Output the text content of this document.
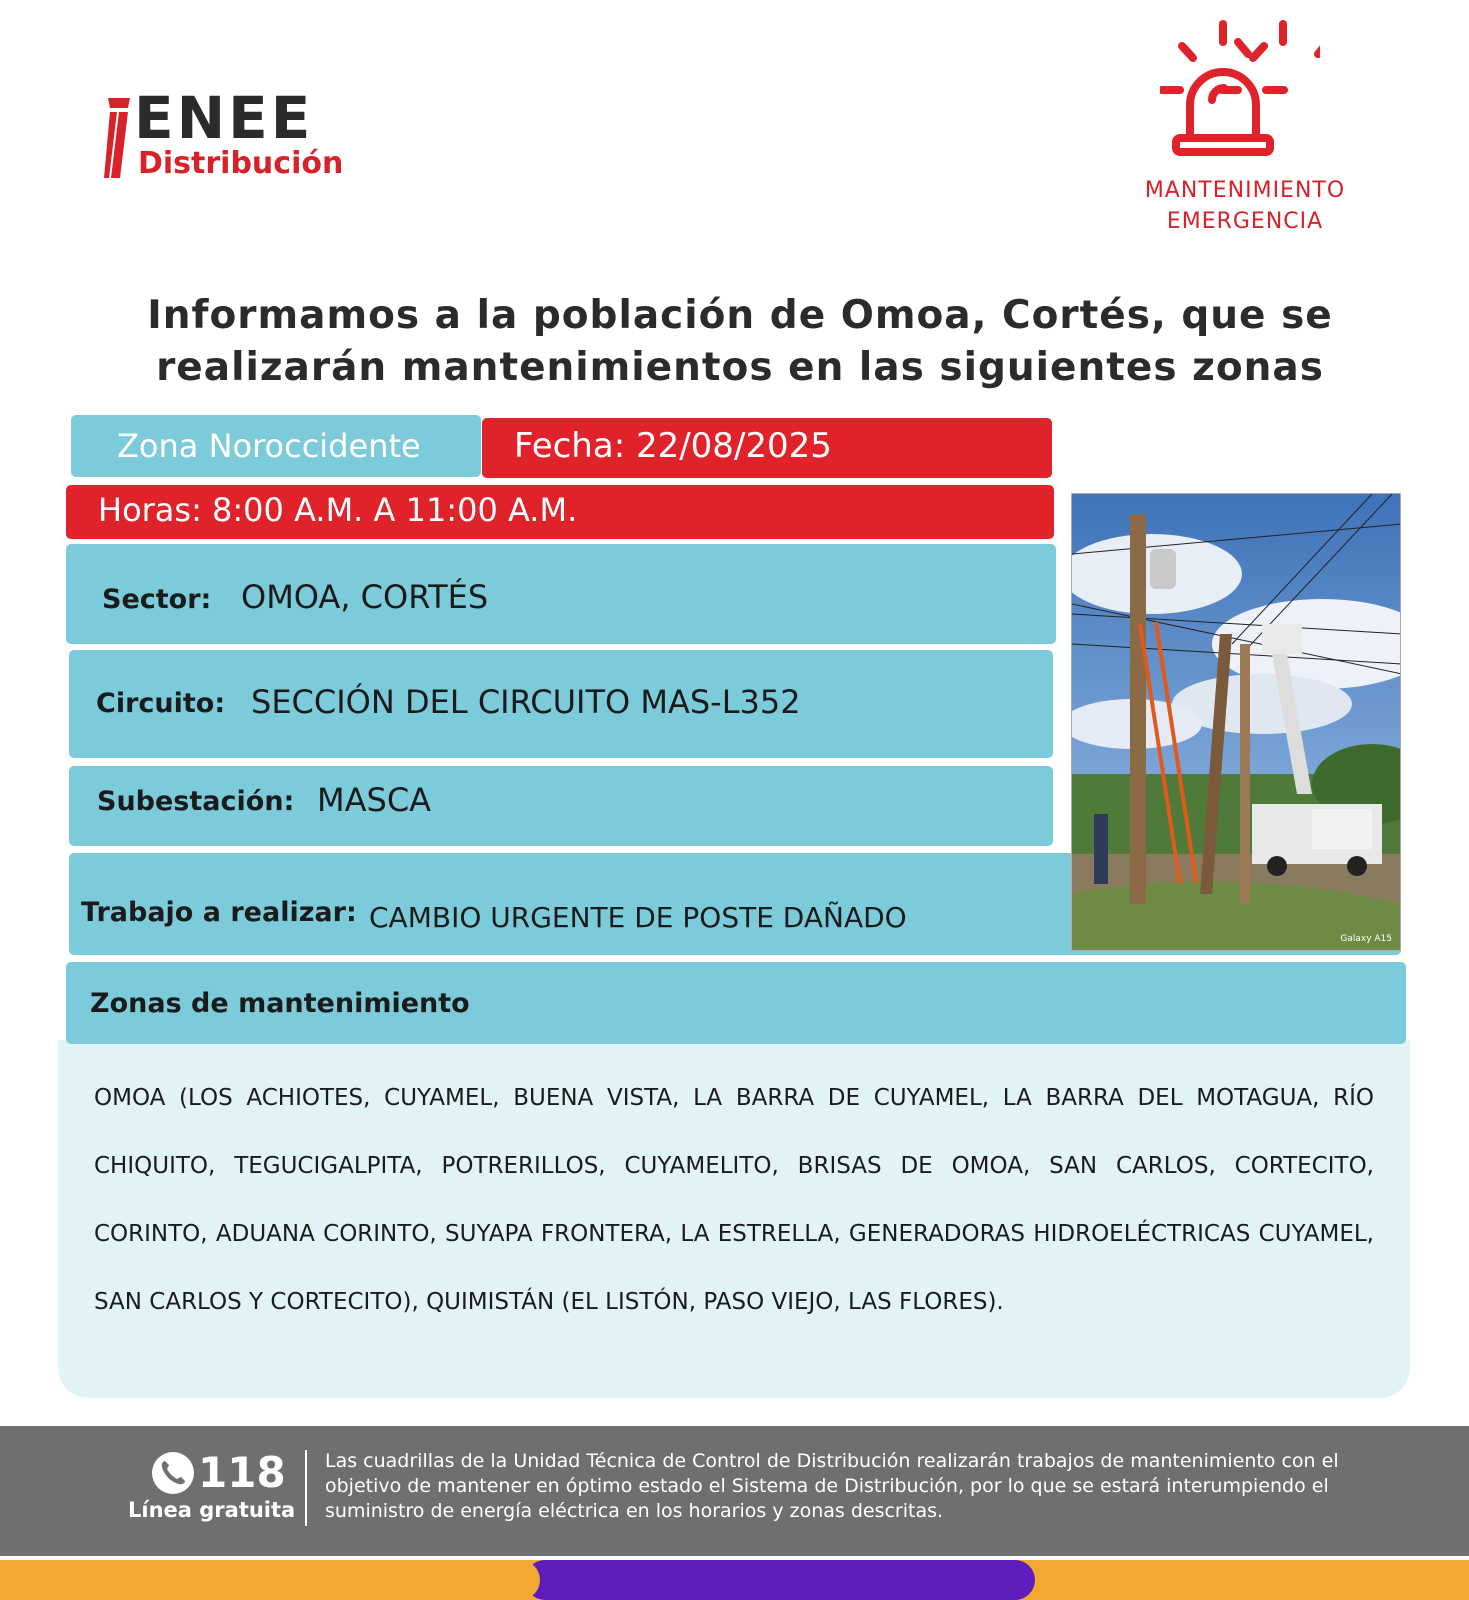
ENEE
Distribución
MANTENIMIENTO
EMERGENCIA
Informamos a la población de Omoa, Cortés, que se
realizarán mantenimientos en las siguientes zonas
Zona Noroccidente	Fecha: 22/08/2025
Horas: 8:00 A.M. A 11:00 A.M.
Sector: OMOA, CORTÉS
Circuito: SECCIÓN DEL CIRCUITO MAS-L352
Subestación: MASCA
Trabajo a realizar: CAMBIO URGENTE DE POSTE DAÑADO
Galaxy A15
Zonas de mantenimiento
OMOA (LOS ACHIOTES, CUYAMEL, BUENA VISTA, LA BARRA DE CUYAMEL, LA BARRA DEL MOTAGUA, RÍO CHIQUITO, TEGUCIGALPITA, POTRERILLOS, CUYAMELITO, BRISAS DE OMOA, SAN CARLOS, CORTECITO, CORINTO, ADUANA CORINTO, SUYAPA FRONTERA, LA ESTRELLA, GENERADORAS HIDROELÉCTRICAS CUYAMEL, SAN CARLOS Y CORTECITO), QUIMISTÁN (EL LISTÓN, PASO VIEJO, LAS FLORES).
118
Línea gratuita
Las cuadrillas de la Unidad Técnica de Control de Distribución realizarán trabajos de mantenimiento con el objetivo de mantener en óptimo estado el Sistema de Distribución, por lo que se estará interumpiendo el suministro de energía eléctrica en los horarios y zonas descritas.
